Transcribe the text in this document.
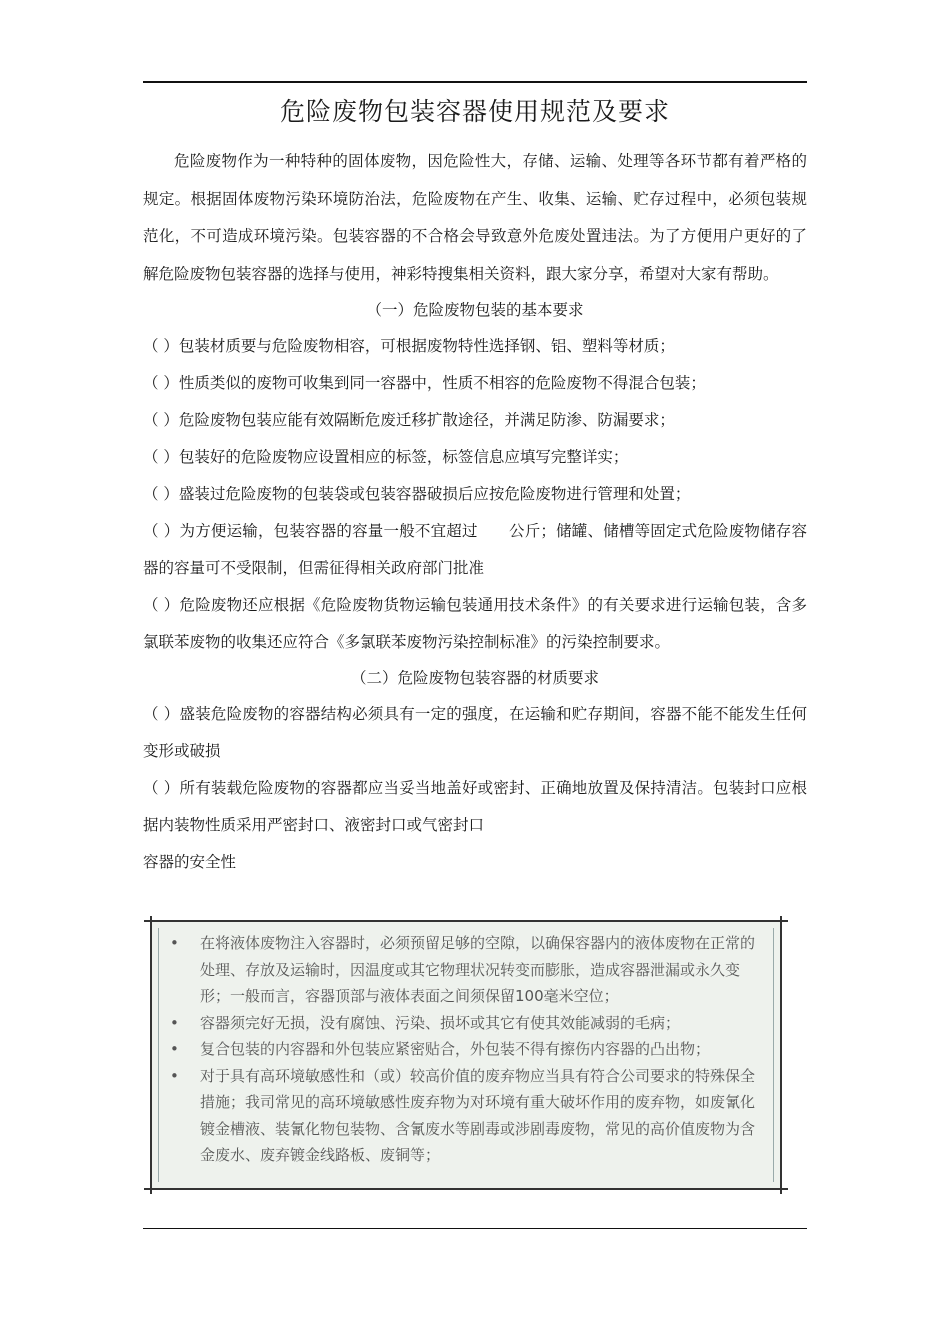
危险废物包装容器使用规范及要求

危险废物作为一种特种的固体废物，因危险性大，存储、运输、处理等各环节都有着严格的规定。根据固体废物污染环境防治法，危险废物在产生、收集、运输、贮存过程中，必须包装规范化，不可造成环境污染。包装容器的不合格会导致意外危废处置违法。为了方便用户更好的了解危险废物包装容器的选择与使用，神彩特搜集相关资料，跟大家分享，希望对大家有帮助。

（一）危险废物包装的基本要求

（ ）包装材质要与危险废物相容，可根据废物特性选择钢、铝、塑料等材质；

（ ）性质类似的废物可收集到同一容器中，性质不相容的危险废物不得混合包装；

（ ）危险废物包装应能有效隔断危废迁移扩散途径，并满足防渗、防漏要求；

（ ）包装好的危险废物应设置相应的标签，标签信息应填写完整详实；

（ ）盛装过危险废物的包装袋或包装容器破损后应按危险废物进行管理和处置；

（ ）为方便运输，包装容器的容量一般不宜超过　　公斤；储罐、储槽等固定式危险废物储存容器的容量可不受限制，但需征得相关政府部门批准

（ ）危险废物还应根据《危险废物货物运输包装通用技术条件》的有关要求进行运输包装，含多氯联苯废物的收集还应符合《多氯联苯废物污染控制标准》的污染控制要求。

（二）危险废物包装容器的材质要求

（ ）盛装危险废物的容器结构必须具有一定的强度，在运输和贮存期间，容器不能不能发生任何变形或破损

（ ）所有装载危险废物的容器都应当妥当地盖好或密封、正确地放置及保持清洁。包装封口应根据内装物性质采用严密封口、液密封口或气密封口

容器的安全性

• 在将液体废物注入容器时，必须预留足够的空隙，以确保容器内的液体废物在正常的处理、存放及运输时，因温度或其它物理状况转变而膨胀，造成容器泄漏或永久变形；一般而言，容器顶部与液体表面之间须保留100毫米空位；

• 容器须完好无损，没有腐蚀、污染、损坏或其它有使其效能减弱的毛病；

• 复合包装的内容器和外包装应紧密贴合，外包装不得有擦伤内容器的凸出物；

• 对于具有高环境敏感性和（或）较高价值的废弃物应当具有符合公司要求的特殊保全措施；我司常见的高环境敏感性废弃物为对环境有重大破坏作用的废弃物，如废氰化镀金槽液、装氰化物包装物、含氰废水等剧毒或涉剧毒废物，常见的高价值废物为含金废水、废弃镀金线路板、废铜等；
